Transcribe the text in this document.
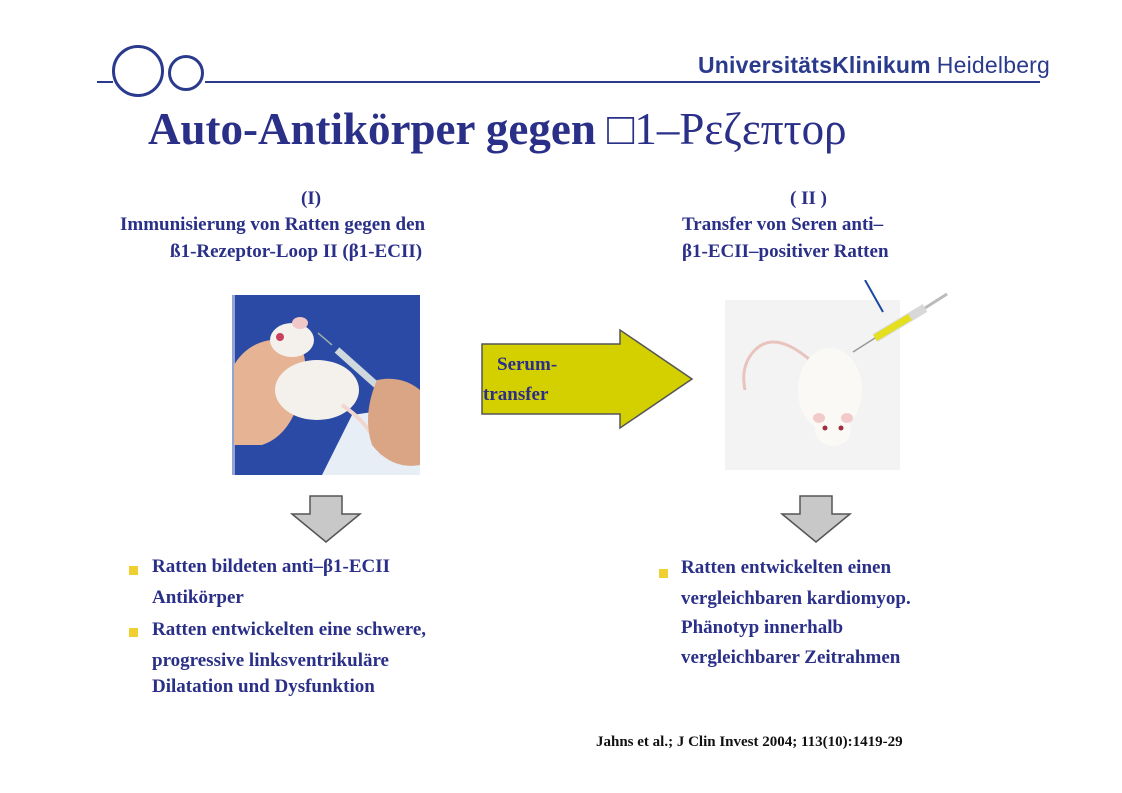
UniversitätsKlinikum Heidelberg
Auto-Antikörper gegen □1–Ρεζεπτορ
(I)
Immunisierung von Ratten gegen den
ß1-Rezeptor-Loop II (β1-ECII)
( II )
Transfer von Seren anti–
β1-ECII–positiver Ratten
Serum-
transfer
Ratten bildeten anti–β1-ECII
Antikörper
Ratten entwickelten eine schwere,
progressive linksventrikuläre
Dilatation und Dysfunktion
Ratten entwickelten einen
vergleichbaren kardiomyop.
Phänotyp innerhalb
vergleichbarer Zeitrahmen
Jahns et al.; J Clin Invest 2004; 113(10):1419-29
